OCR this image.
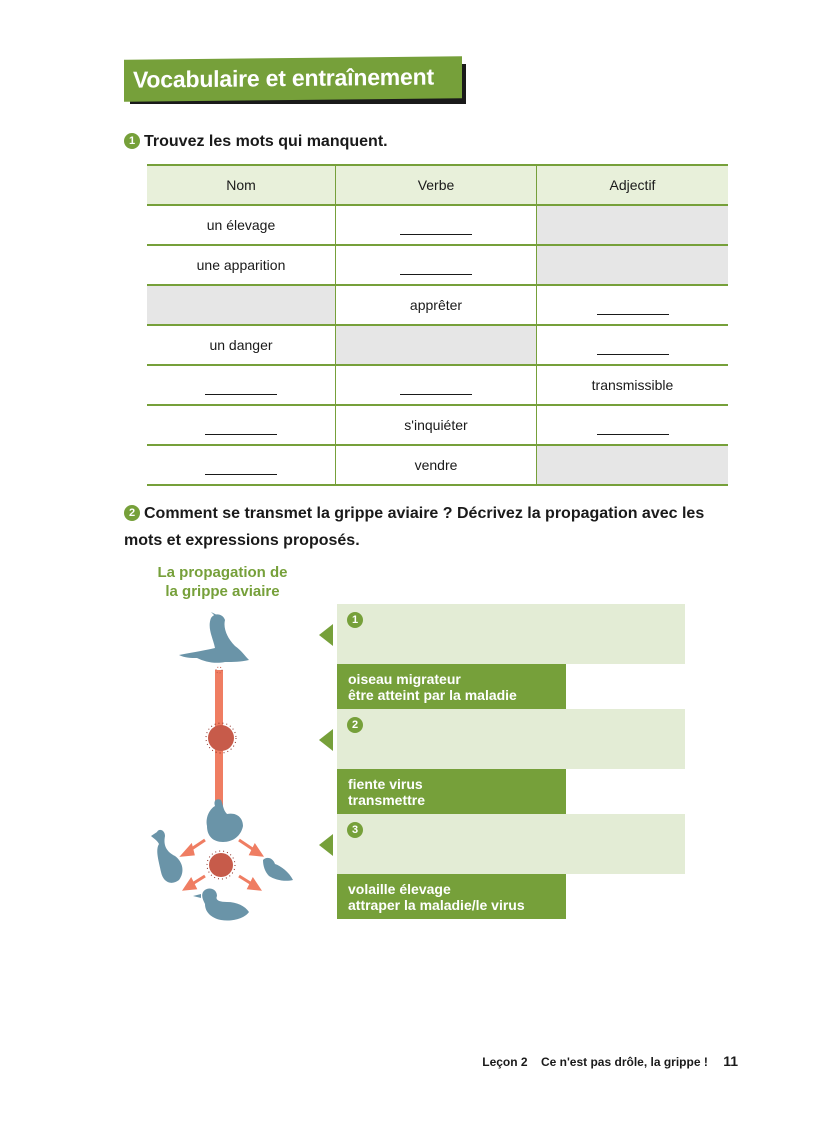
Vocabulaire et entraînement
1 Trouvez les mots qui manquent.
Nom	Verbe	Adjectif
un élevage		
une apparition		
	apprêter	
un danger		
		transmissible
	s'inquiéter	
	vendre	
2 Comment se transmet la grippe aviaire ? Décrivez la propagation avec les mots et expressions proposés.
La propagation de
la grippe aviaire
1
oiseau migrateur
être atteint par la maladie
2
fiente virus
transmettre
3
volaille élevage
attraper la maladie/le virus
Leçon 2 Ce n'est pas drôle, la grippe ! 11
